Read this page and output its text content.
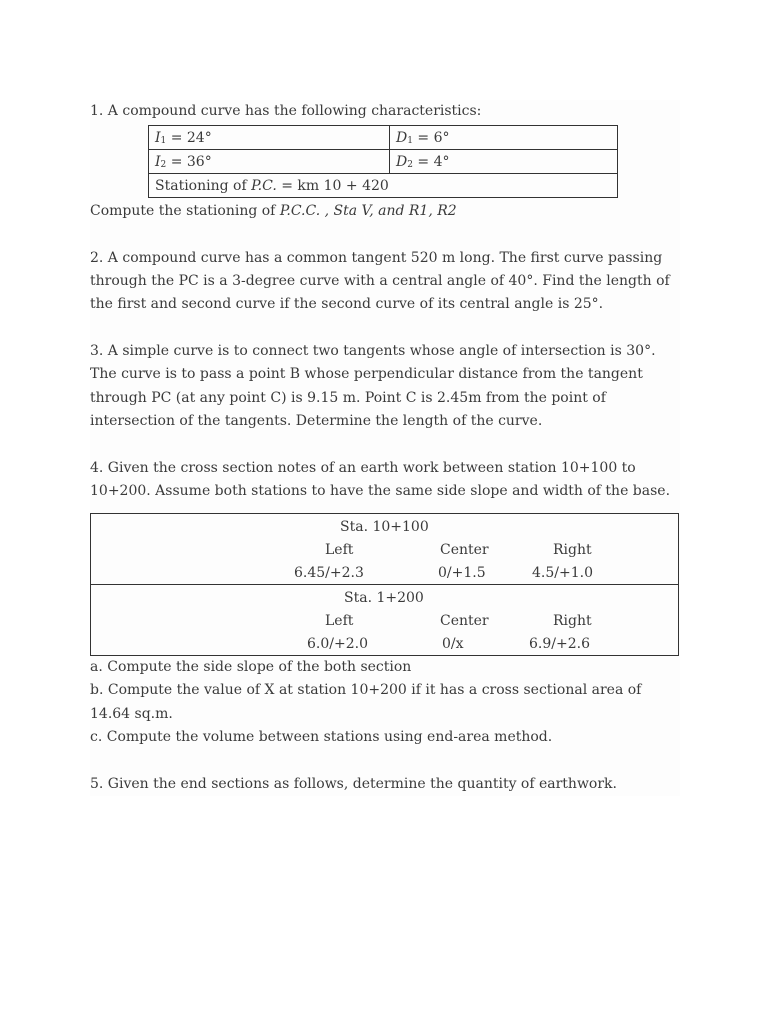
1. A compound curve has the following characteristics:

$I_1 = 24^\circ$	$D_1 = 6^\circ$
$I_2 = 36^\circ$	$D_2 = 4^\circ$
Stationing of P.C. = km 10 + 420	

Compute the stationing of P.C.C. , Sta V, and R1, R2

2. A compound curve has a common tangent 520 m long. The first curve passing

through the PC is a 3-degree curve with a central angle of 40°. Find the length of

the first and second curve if the second curve of its central angle is 25°.

3. A simple curve is to connect two tangents whose angle of intersection is 30°.

The curve is to pass a point B whose perpendicular distance from the tangent

through PC (at any point C) is 9.15 m. Point C is 2.45m from the point of

intersection of the tangents. Determine the length of the curve.

4. Given the cross section notes of an earth work between station 10+100 to

10+200. Assume both stations to have the same side slope and width of the base.

Sta. 10+100
Left	Center	Right
6.45/+2.3	0/+1.5	4.5/+1.0
Sta. 1+200
Left	Center	Right
6.0/+2.0	0/x	6.9/+2.6

a. Compute the side slope of the both section

b. Compute the value of X at station 10+200 if it has a cross sectional area of

14.64 sq.m.

c. Compute the volume between stations using end-area method.

5. Given the end sections as follows, determine the quantity of earthwork.
